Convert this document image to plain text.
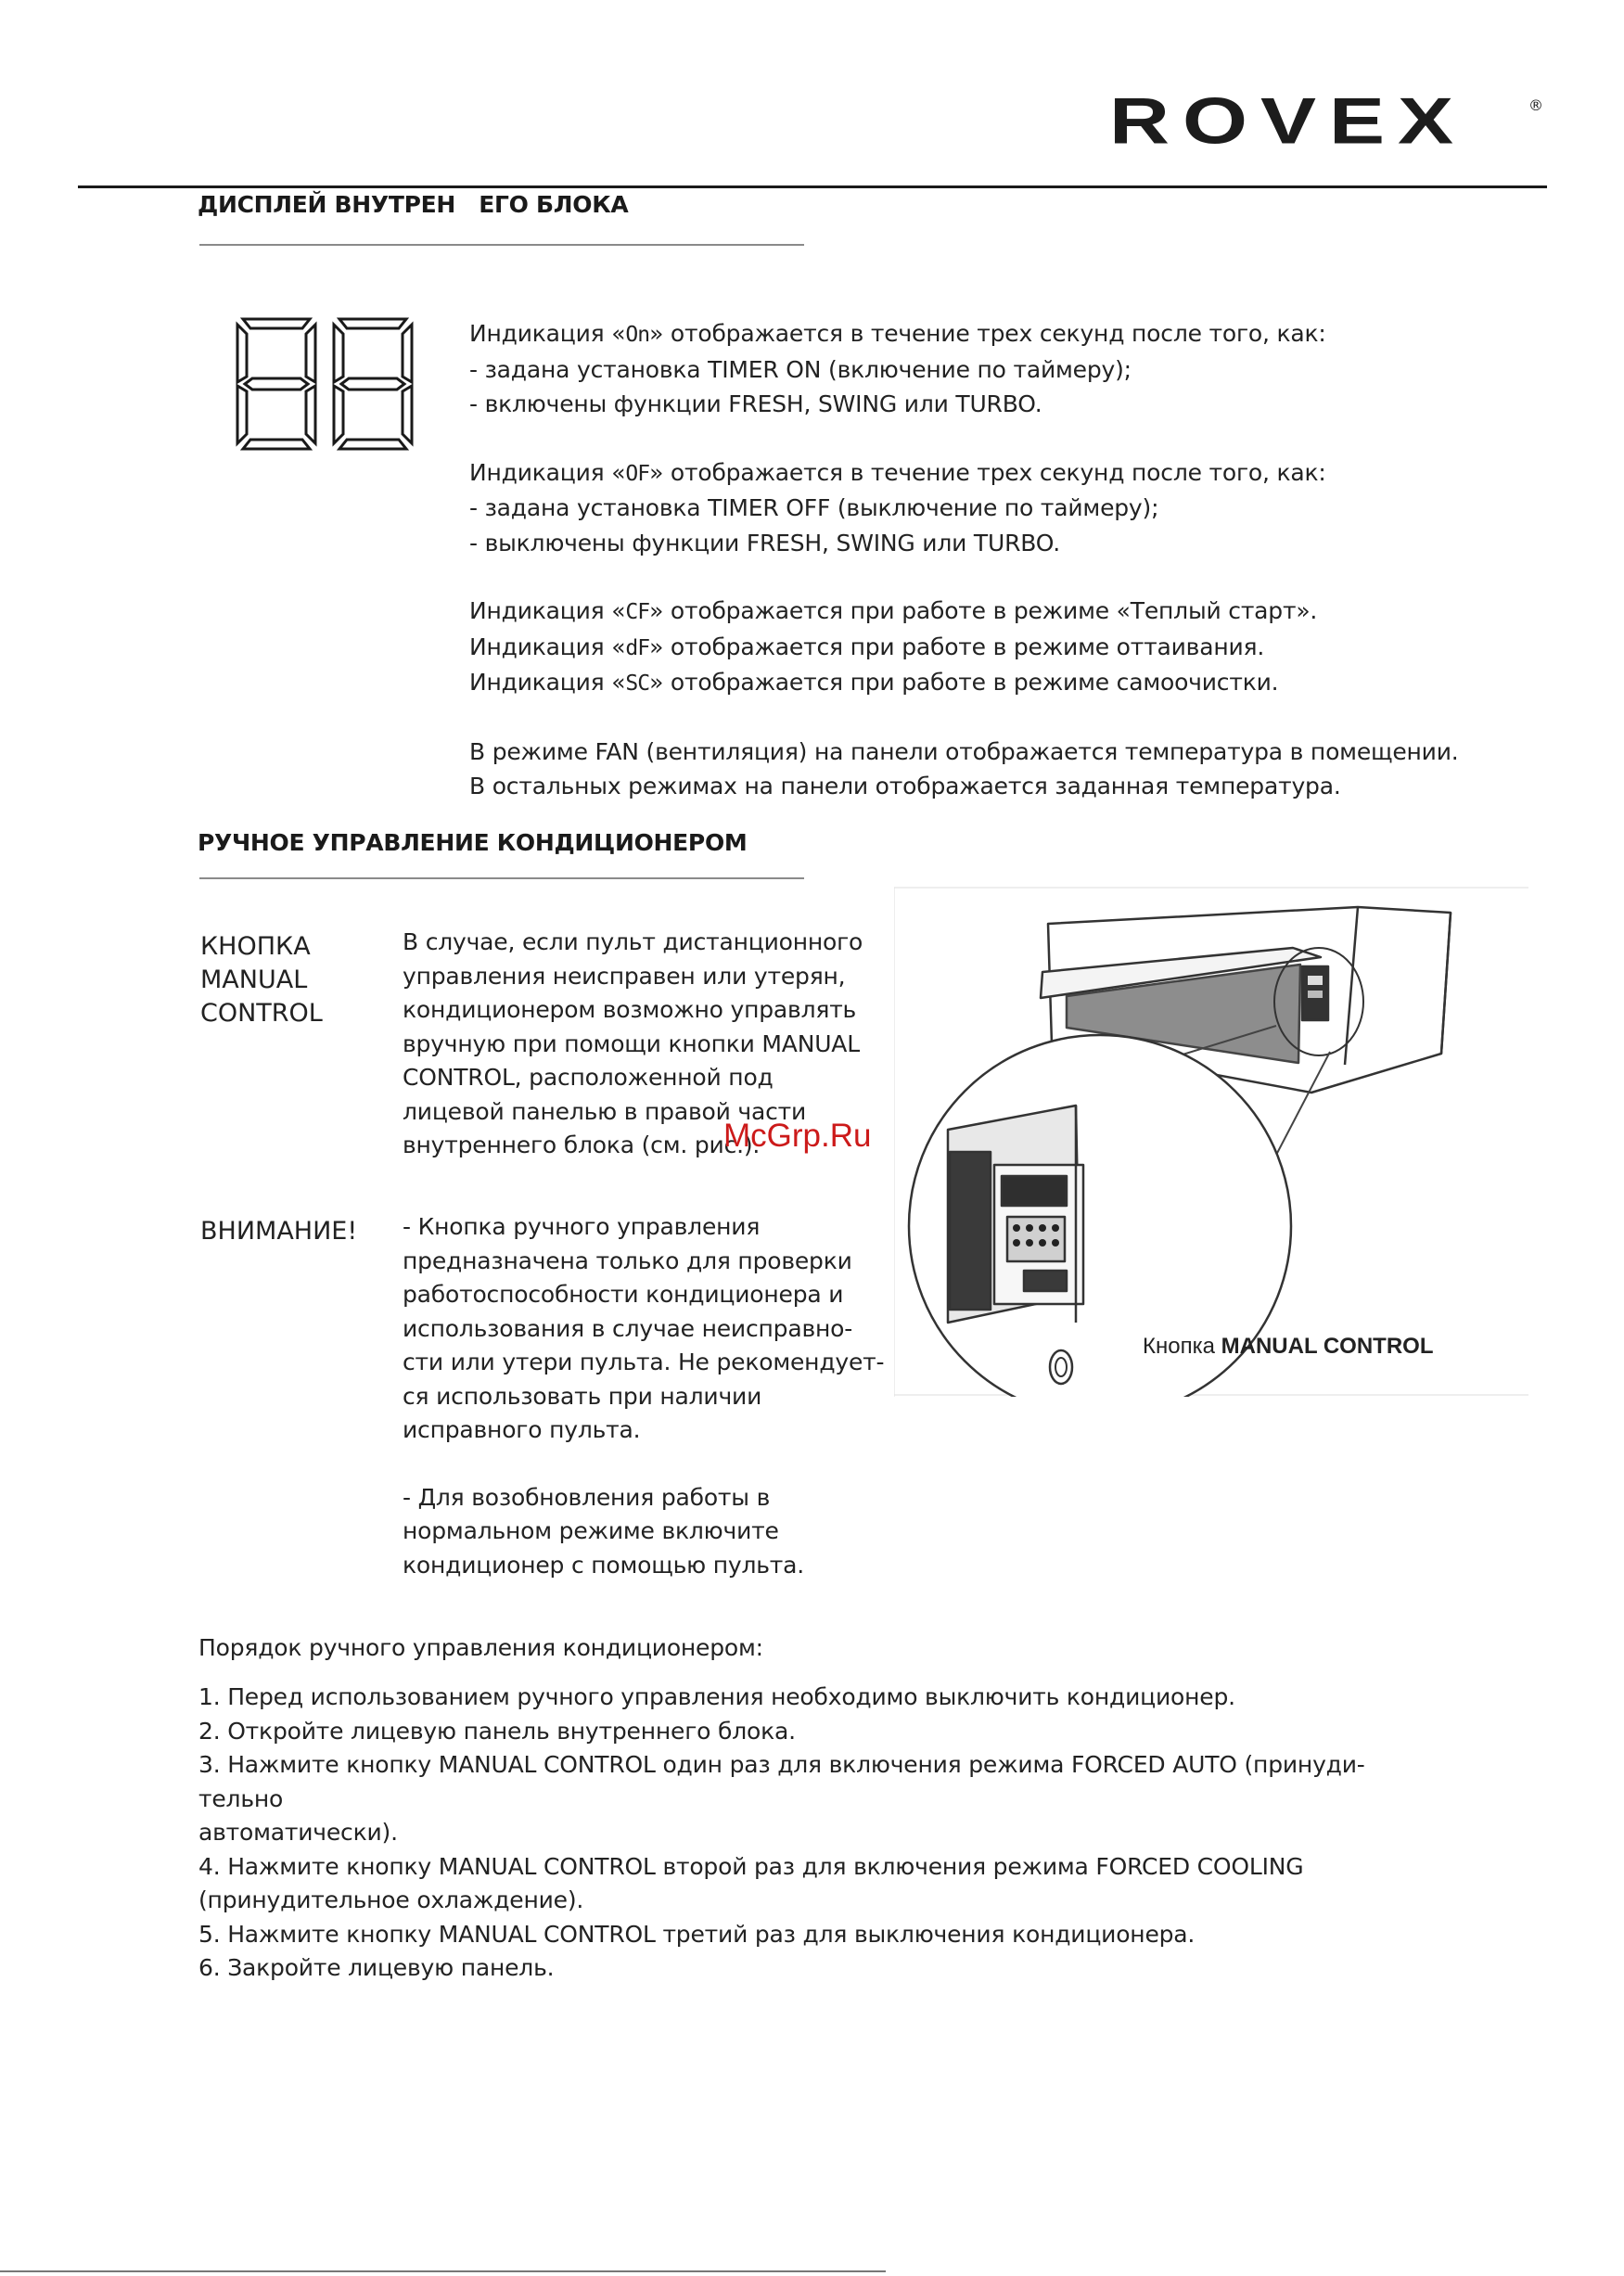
ROVEX	®
ДИСПЛЕЙ ВНУТРЕН   ЕГО БЛОКА
Индикация «On» отображается в течение трех секунд после того, как:
- задана установка TIMER ON (включение по таймеру);
- включены функции FRESH, SWING или TURBO.
Индикация «OF» отображается в течение трех секунд после того, как:
- задана установка TIMER OFF (выключение по таймеру);
- выключены функции FRESH, SWING или TURBO.
Индикация «CF» отображается при работе в режиме «Теплый старт».
Индикация «dF» отображается при работе в режиме оттаивания.
Индикация «SC» отображается при работе в режиме самоочистки.
В режиме FAN (вентиляция) на панели отображается температура в помещении.
В остальных режимах на панели отображается заданная температура.
РУЧНОЕ УПРАВЛЕНИЕ КОНДИЦИОНЕРОМ
КНОПКА
MANUAL
CONTROL
ВНИМАНИЕ!
В случае, если пульт дистанционного
управления неисправен или утерян,
кондиционером возможно управлять
вручную при помощи кнопки MANUAL
CONTROL, расположенной под
лицевой панелью в правой части
внутреннего блока (см. рис.).
- Кнопка ручного управления
предназначена только для проверки
работоспособности кондиционера и
использования в случае неисправно-
сти или утери пульта. Не рекомендует-
ся использовать при наличии
исправного пульта.
- Для возобновления работы в
нормальном режиме включите
кондиционер с помощью пульта.
Кнопка MANUAL CONTROL
McGrp.Ru
Порядок ручного управления кондиционером:
1. Перед использованием ручного управления необходимо выключить кондиционер.
2. Откройте лицевую панель внутреннего блока.
3. Нажмите кнопку MANUAL CONTROL один раз для включения режима FORCED AUTO (принуди-
тельно
автоматически).
4. Нажмите кнопку MANUAL CONTROL второй раз для включения режима FORCED COOLING
(принудительное охлаждение).
5. Нажмите кнопку MANUAL CONTROL третий раз для выключения кондиционера.
6. Закройте лицевую панель.
